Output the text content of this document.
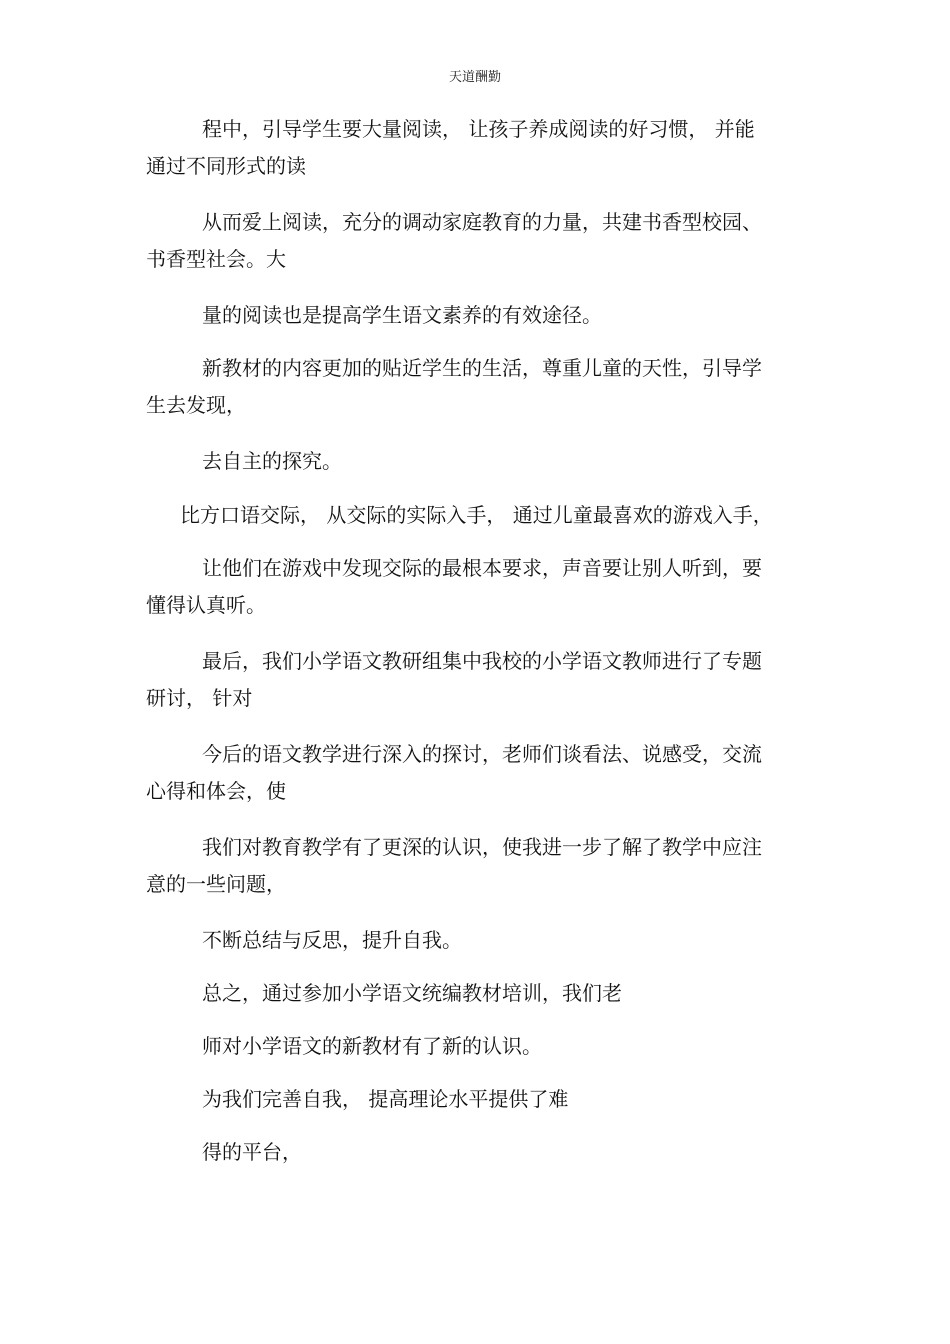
天道酬勤
程中，引导学生要大量阅读， 让孩子养成阅读的好习惯， 并能
通过不同形式的读
从而爱上阅读，充分的调动家庭教育的力量，共建书香型校园、
书香型社会。大
量的阅读也是提高学生语文素养的有效途径。
新教材的内容更加的贴近学生的生活，尊重儿童的天性，引导学
生去发现，
去自主的探究。
比方口语交际， 从交际的实际入手， 通过儿童最喜欢的游戏入手，
让他们在游戏中发现交际的最根本要求，声音要让别人听到，要
懂得认真听。
最后，我们小学语文教研组集中我校的小学语文教师进行了专题
研讨， 针对
今后的语文教学进行深入的探讨，老师们谈看法、说感受，交流
心得和体会，使
我们对教育教学有了更深的认识，使我进一步了解了教学中应注
意的一些问题，
不断总结与反思，提升自我。
总之，通过参加小学语文统编教材培训，我们老
师对小学语文的新教材有了新的认识。
为我们完善自我， 提高理论水平提供了难
得的平台，
